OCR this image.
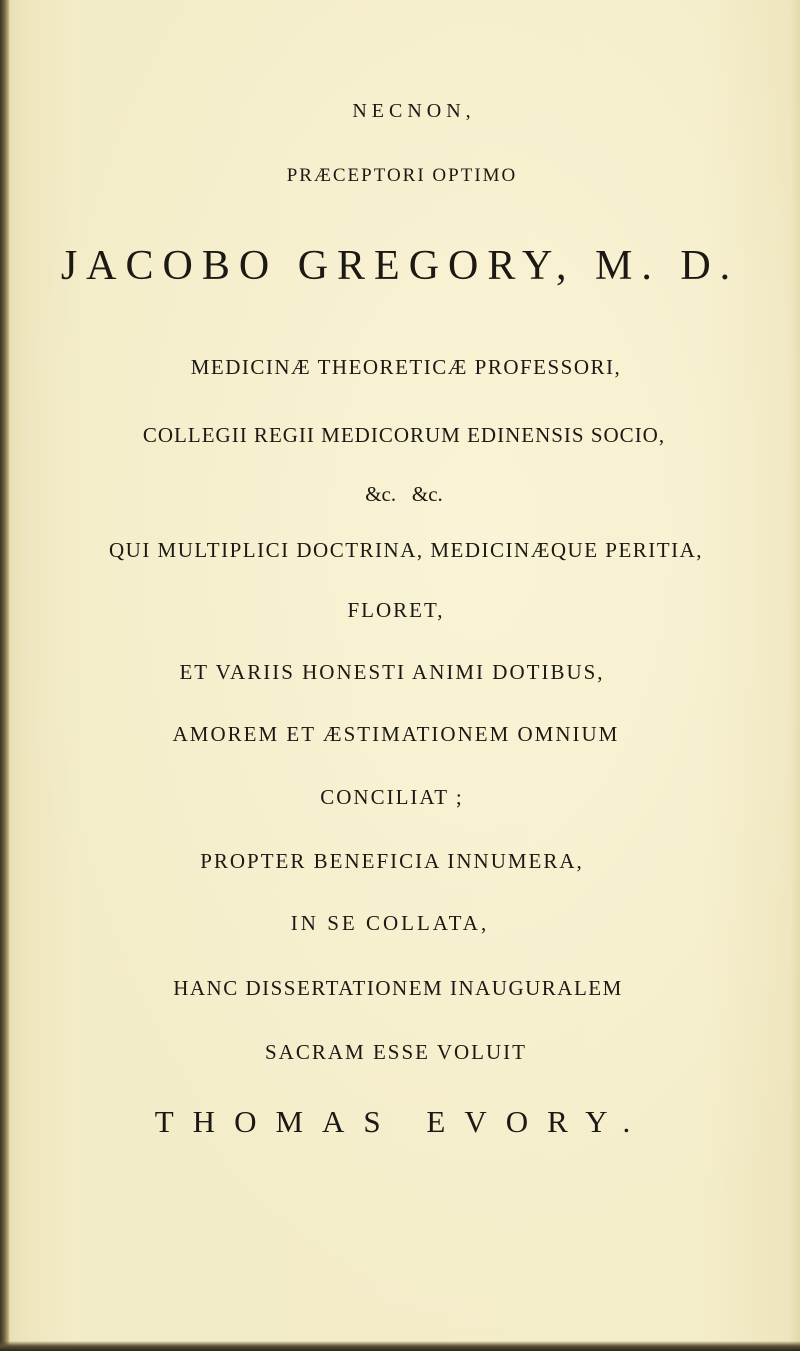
NECNON,
PRÆCEPTORI OPTIMO
JACOBO GREGORY, M. D.
MEDICINÆ THEORETICÆ PROFESSORI,
COLLEGII REGII MEDICORUM EDINENSIS SOCIO,
&c.   &c.
QUI MULTIPLICI DOCTRINA, MEDICINÆQUE PERITIA,
FLORET,
ET VARIIS HONESTI ANIMI DOTIBUS,
AMOREM ET ÆSTIMATIONEM OMNIUM
CONCILIAT ;
PROPTER BENEFICIA INNUMERA,
IN SE COLLATA,
HANC DISSERTATIONEM INAUGURALEM
SACRAM ESSE VOLUIT
THOMAS EVORY.
